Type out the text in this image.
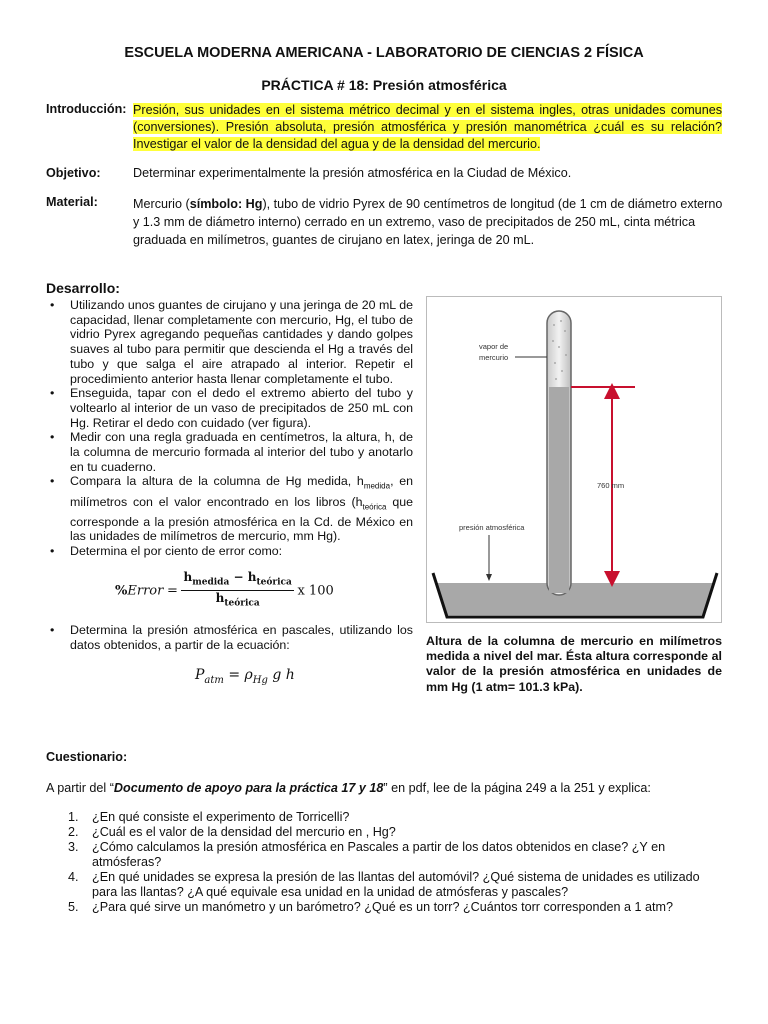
ESCUELA MODERNA AMERICANA - LABORATORIO DE CIENCIAS 2 FÍSICA
PRÁCTICA # 18: Presión atmosférica
Introducción: Presión, sus unidades en el sistema métrico decimal y en el sistema ingles, otras unidades comunes (conversiones). Presión absoluta, presión atmosférica y presión manométrica ¿cuál es su relación? Investigar el valor de la densidad del agua y de la densidad del mercurio.
Objetivo:	Determinar experimentalmente la presión atmosférica en la Ciudad de México.
Material:	Mercurio (símbolo: Hg), tubo de vidrio Pyrex de 90 centímetros de longitud (de 1 cm de diámetro externo y 1.3 mm de diámetro interno) cerrado en un extremo, vaso de precipitados de 250 mL, cinta métrica graduada en milímetros, guantes de cirujano en latex, jeringa de 20 mL.
Desarrollo:
• Utilizando unos guantes de cirujano y una jeringa de 20 mL de capacidad, llenar completamente con mercurio, Hg, el tubo de vidrio Pyrex agregando pequeñas cantidades y dando golpes suaves al tubo para permitir que descienda el Hg a través del tubo y que salga el aire atrapado al interior. Repetir el procedimiento anterior hasta llenar completamente el tubo.
• Enseguida, tapar con el dedo el extremo abierto del tubo y voltearlo al interior de un vaso de precipitados de 250 mL con Hg. Retirar el dedo con cuidado (ver figura).
• Medir con una regla graduada en centímetros, la altura, h, de la columna de mercurio formada al interior del tubo y anotarlo en tu cuaderno.
• Compara la altura de la columna de Hg medida, $h_{medida}$, en milímetros con el valor encontrado en los libros ($h_{teórica}$ que corresponde a la presión atmosférica en la Cd. de México en las unidades de milímetros de mercurio, mm Hg).
• Determina el por ciento de error como:
%Error = $\frac{h_{medida} - h_{teórica}}{h_{teórica}}$ x 100
• Determina la presión atmosférica en pascales, utilizando los datos obtenidos, a partir de la ecuación:
$P_{atm} = \rho_{Hg}$ g h
760 mm
vapor de
mercurio
presión atmosférica
Altura de la columna de mercurio en milímetros medida a nivel del mar. Ésta altura corresponde al valor de la presión atmosférica en unidades de mm Hg (1 atm= 101.3 kPa).
Cuestionario:
A partir del “Documento de apoyo para la práctica 17 y 18” en pdf, lee de la página 249 a la 251 y explica:
1. ¿En qué consiste el experimento de Torricelli?
2. ¿Cuál es el valor de la densidad del mercurio en , Hg?
3. ¿Cómo calculamos la presión atmosférica en Pascales a partir de los datos obtenidos en clase? ¿Y en atmósferas?
4. ¿En qué unidades se expresa la presión de las llantas del automóvil? ¿Qué sistema de unidades es utilizado para las llantas? ¿A qué equivale esa unidad en la unidad de atmósferas y pascales?
5. ¿Para qué sirve un manómetro y un barómetro? ¿Qué es un torr? ¿Cuántos torr corresponden a 1 atm?
